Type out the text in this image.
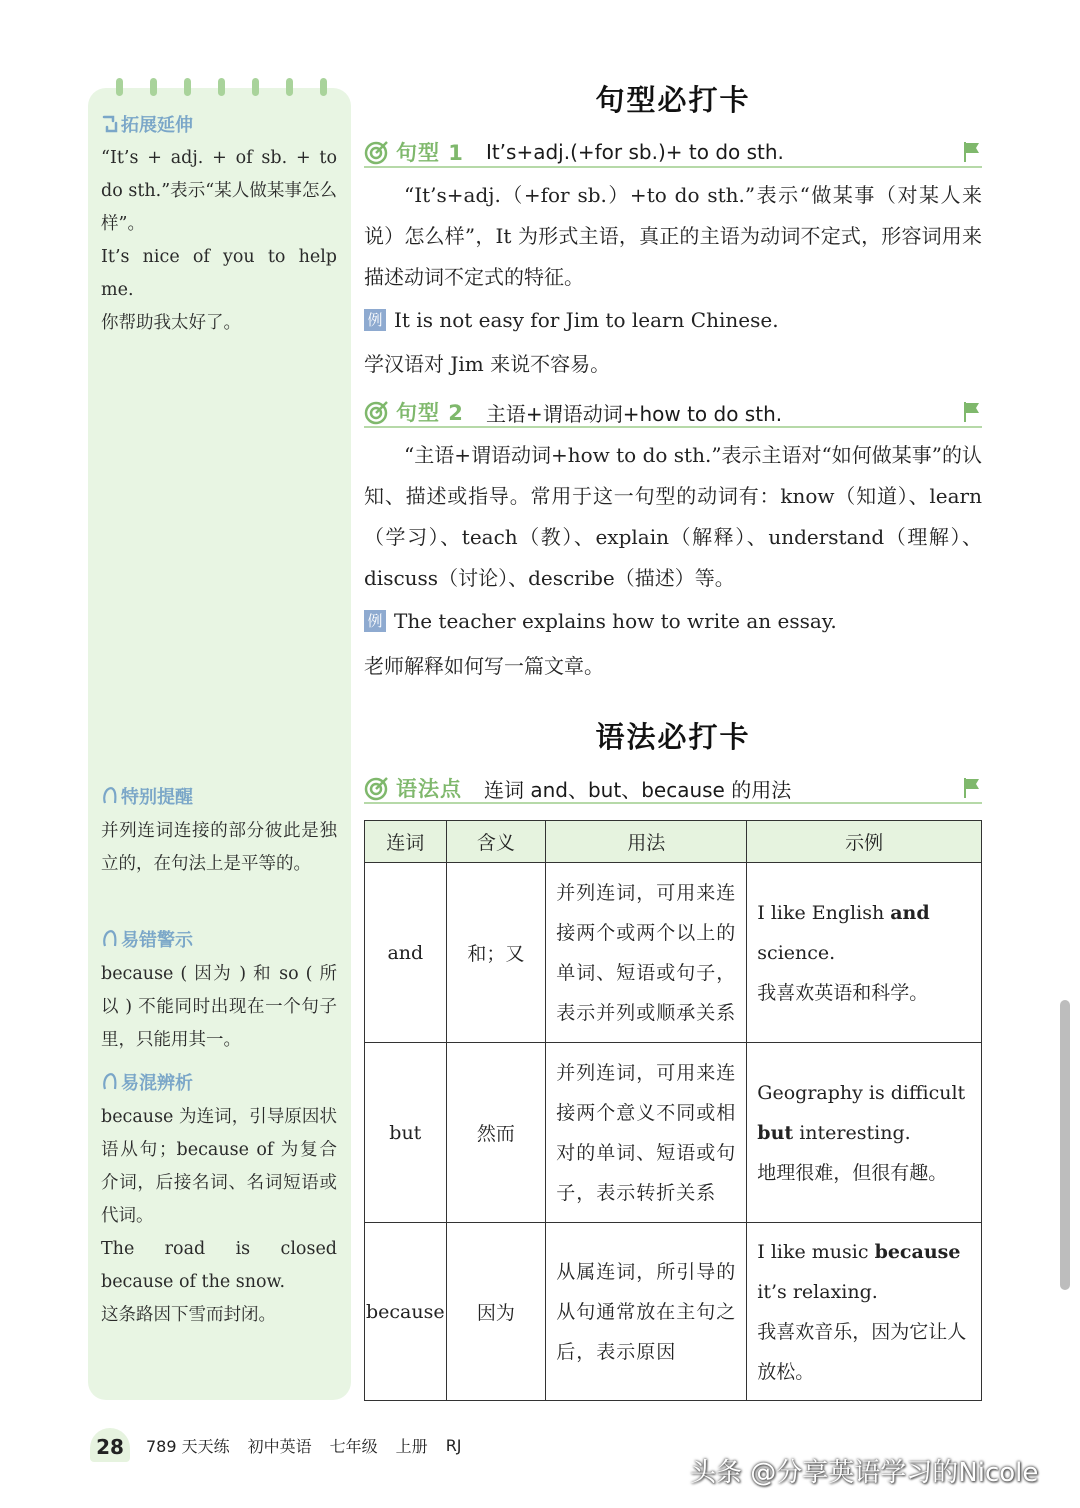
拓展延伸

“It’s + adj. + of sb. + to do sth.”表示“某人做某事怎么样”。

It’s nice of you to help me.

你帮助我太好了。

特别提醒

并列连词连接的部分彼此是独立的，在句法上是平等的。

易错警示

because ( 因为 ) 和 so ( 所以 ) 不能同时出现在一个句子里，只能用其一。

易混辨析

because 为连词，引导原因状语从句；because of 为复合介词，后接名词、名词短语或代词。

The road is closed because of the snow.

这条路因下雪而封闭。

句型必打卡
句型 1 It’s+adj.(+for sb.)+ to do sth.

“It’s+adj.（+for sb.）+to do sth.”表示“做某事（对某人来说）怎么样”，It 为形式主语，真正的主语为动词不定式，形容词用来描述动词不定式的特征。

例 It is not easy for Jim to learn Chinese.
学汉语对 Jim 来说不容易。
句型 2 主语+谓语动词+how to do sth.

“主语+谓语动词+how to do sth.”表示主语对“如何做某事”的认知、描述或指导。常用于这一句型的动词有：know（知道）、learn（学习）、teach（教）、explain（解释）、understand（理解）、discuss（讨论）、describe（描述）等。

例 The teacher explains how to write an essay.
老师解释如何写一篇文章。
语法必打卡
语法点 连词 and、but、because 的用法
连词	含义	用法	示例
and	和；又	并列连词，可用来连接两个或两个以上的单词、短语或句子，表示并列或顺承关系	I like English and science.
我喜欢英语和科学。
but	然而	并列连词，可用来连接两个意义不同或相对的单词、短语或句子，表示转折关系	Geography is difficult but interesting.
地理很难，但很有趣。
because	因为	从属连词，所引导的从句通常放在主句之后，表示原因	I like music because it’s relaxing.
我喜欢音乐，因为它让人放松。
28	789 天天练 初中英语 七年级 上册 RJ
头条 @分享英语学习的Nicole
